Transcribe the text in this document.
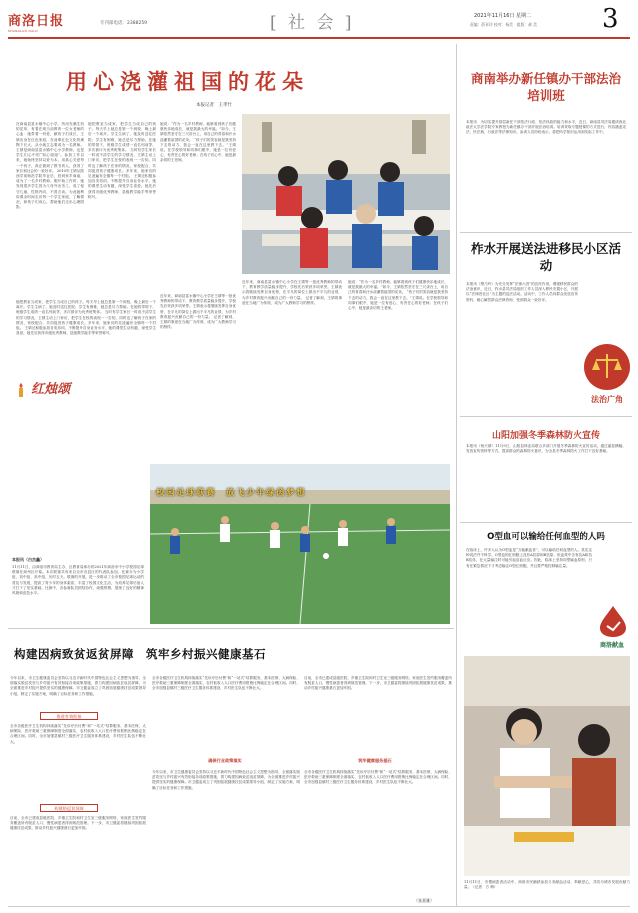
商洛日报
SHANGLUO DAILY
专刊部电话：2388259	[ 社 会 ]	2021年11月16日 星期二
责编：薛亚玲 校对：杨美　组版：郝 美	3
用心浇灌祖国的花朵
本报记者　王孝竹
在商南县富水镇中心小学，所用充满生机的花草，有着在现当前教育一位女老师的心血：她带着一份爱，献孩子们成长，王婧出身在红色家庭，在前辈红色文化的熏陶下长大，从小就立志要成为一名教师。 王婧是商南县富水镇中心小学教师，也是学生们心中的“知心姐姐”。参加工作以来，她始终坚持以爱为本，用真心关爱每一个孩子，真正做到了教书育人，获得了家长和社会的一致好评。 2010年王婧从陕西学前师范学院毕业后，回到家乡商南，成为了一名乡村教师。刚开始工作时，她发现很多学生因为父母外出务工，成了留守儿童，性格内向，不善言谈。为此她利用课余时间走访每一个学生家庭，了解情况，和孩子们谈心，帮助他们走出心理阴影。
她把教室当成家，把学生当成自己的孩子。每天早上她总是第一个到校，晚上最后一个离开。学生生病了，她及时送往医院；学生有困难，她总是尽力帮助。在她的带领下，班级学生成绩一直名列前茅，多次被评为优秀班集体。 当时有学生家长一时说不清学生的学习情况，王婧主动上门家访，把学生在校的表现一一告知，同时也了解孩子在家的情况，家校配合，共同促进孩子健康成长。多年来，她家访的足迹遍布全镇每一个村组。 王婧还积极参加各类培训，不断提升自身业务水平，她的课堂生动有趣，深受学生喜爱。她先后获得市级优秀教师、县级教学能手等荣誉称号。
她说：“作为一名乡村教师，能够看到孩子们健康快乐地成长，就是我最大的幸福。”如今，王婧依然坚守在三尺讲台上，用自己的青春和汗水浇灌着祖国的花朵。 “孩子们的笑容就是我坚持下去的动力，我会一直在这里教下去。”王婧说。在学校领导和同事们眼中，她是一位有爱心、有责任心的好老师；在孩子们心中，她是最亲切的王老师。
近年来，商南县富水镇中心小学在王婧等一批优秀教师的带动下，教育教学质量稳步提升，学校先后荣获多项荣誉。王婧表示将继续发挥自身优势，在平凡的岗位上做出不平凡的业绩，为乡村教育振兴贡献自己的一份力量。 记者了解到，王婧的事迹在当地广为传颂，成为广大教师学习的榜样。
近年来，商南县富水镇中心小学在王婧等一批优秀教师的带动下，教育教学质量稳步提升，学校先后荣获多项荣誉。王婧表示将继续发挥自身优势，在平凡的岗位上做出不平凡的业绩，为乡村教育振兴贡献自己的一份力量。 记者了解到，王婧的事迹在当地广为传颂，成为广大教师学习的榜样。
她说：“作为一名乡村教师，能够看到孩子们健康快乐地成长，就是我最大的幸福。”如今，王婧依然坚守在三尺讲台上，用自己的青春和汗水浇灌着祖国的花朵。 “孩子们的笑容就是我坚持下去的动力，我会一直在这里教下去。”王婧说。在学校领导和同事们眼中，她是一位有爱心、有责任心的好老师；在孩子们心中，她是最亲切的王老师。
红烛颂
她把教室当成家，把学生当成自己的孩子。每天早上她总是第一个到校，晚上最后一个离开。学生生病了，她及时送往医院；学生有困难，她总是尽力帮助。在她的带领下，班级学生成绩一直名列前茅，多次被评为优秀班集体。 当时有学生家长一时说不清学生的学习情况，王婧主动上门家访，把学生在校的表现一一告知，同时也了解孩子在家的情况，家校配合，共同促进孩子健康成长。多年来，她家访的足迹遍布全镇每一个村组。 王婧还积极参加各类培训，不断提升自身业务水平，她的课堂生动有趣，深受学生喜爱。她先后获得市级优秀教师、县级教学能手等荣誉称号。
校园足球联赛　放飞少年绿茵梦想
本报讯（白杰鑫）
11月11日，由商洛市教育局主办、区教育局承办的2021年商洛市中小学校园足球联赛在商州区开幕。本次联赛共有来自全市各县区的代表队参加，比赛分为小学组、初中组、高中组，历时五天。联赛的开展，进一步推动了全市校园足球运动的普及与发展，提高了青少年的身体素质，丰富了校园文化生活，为培养足球后备人才打下了坚实基础。比赛中，各参赛队员团结协作、顽强拼搏，展现了良好的精神风貌和竞技水平。
构建因病致贫返贫屏障　筑牢乡村振兴健康基石
今年以来，市卫生健康委员会坚持以习近平新时代中国特色社会主义思想为指导，全面落实脱贫攻坚与乡村振兴有效衔接各项政策措施，着力构建因病致贫返贫屏障，为全面推进乡村振兴提供坚实的健康保障。市卫健委成立了巩固拓展健康扶贫成果领导小组，制定了实施方案，明确了目标任务和工作措施。
推进有效衔接
全市各级医疗卫生机构持续落实“先诊疗后付费”和“一站式”结算服务，基本医保、大病保险、医疗救助三重保障制度全面落实，农村低收入人口医疗费用报销比例稳定在合理区间。同时，全市加强县镇村三级医疗卫生服务体系建设，乡村医生队伍不断壮大。
构建防返贫屏障
目前，全市已建成县级医院、乡镇卫生院和村卫生室三级服务网络，家庭医生签约服务覆盖所有脱贫人口，慢性病患者得到规范管理。下一步，市卫健委将继续巩固拓展健康扶贫成果，推动乡村振兴健康基石更加牢固。
全市各级医疗卫生机构持续落实“先诊疗后付费”和“一站式”结算服务，基本医保、大病保险、医疗救助三重保障制度全面落实，农村低收入人口医疗费用报销比例稳定在合理区间。同时，全市加强县镇村三级医疗卫生服务体系建设，乡村医生队伍不断壮大。
确保行业政策落实
今年以来，市卫生健康委员会坚持以习近平新时代中国特色社会主义思想为指导，全面落实脱贫攻坚与乡村振兴有效衔接各项政策措施，着力构建因病致贫返贫屏障，为全面推进乡村振兴提供坚实的健康保障。市卫健委成立了巩固拓展健康扶贫成果领导小组，制定了实施方案，明确了目标任务和工作措施。
目前，全市已建成县级医院、乡镇卫生院和村卫生室三级服务网络，家庭医生签约服务覆盖所有脱贫人口，慢性病患者得到规范管理。下一步，市卫健委将继续巩固拓展健康扶贫成果，推动乡村振兴健康基石更加牢固。
筑牢健康服务基石
全市各级医疗卫生机构持续落实“先诊疗后付费”和“一站式”结算服务，基本医保、大病保险、医疗救助三重保障制度全面落实，农村低收入人口医疗费用报销比例稳定在合理区间。同时，全市加强县镇村三级医疗卫生服务体系建设，乡村医生队伍不断壮大。
（张嘉雅）
商南举办新任镇办干部法治培训班
本报讯　为切实提升基层新任干部依法行政、依法执政的能力和水平，近日，商南县司法局邀请西北政法大学法学院专家教授为新任镇办干部开展法治培训。培训采取专题授课的方式进行，内容涵盖宪法、民法典、行政法等法律知识。参训人员纷纷表示，将把所学知识运用到实际工作中。
柞水开展送法进移民小区活动
本报讯（樊乃玲）为充分发挥“法律六进”的宣传作用，增强移民群众的法治意识，近日，柞水县司法局组织工作人员深入移民安置小区，开展以“法律进社区”为主题的送法活动。活动中，工作人员向群众发放宣传资料，耐心解答群众法律咨询，受到群众一致好评。
法治广角
山阳加强冬季森林防火宣传
本报讯（杨天婧）11月9日，山阳县林业局联合多部门开展冬季森林防火宣传活动，通过悬挂横幅、发放宣传资料等方式，提高群众的森林防火意识，为全县冬季森林防火工作打下良好基础。
O型血可以输给任何血型的人吗
在临床上，许多人认为O型血是“万能献血者”，可以输给任何血型的人。其实这种说法并不科学。O型血的红细胞上没有A抗原和B抗原，但血浆中含有抗A和抗B抗体，在大量输注时可能引起溶血反应。因此，临床上坚持同型输血原则，只有在紧急情况下才考虑输注O型红细胞，并且要严格控制输注量。
商洛献血
11月11日，市慢病患者活动中，商洛市民踊跃参加义务献血活动，奉献爱心，共同为城市发展贡献力量。（记者　方 梅）
